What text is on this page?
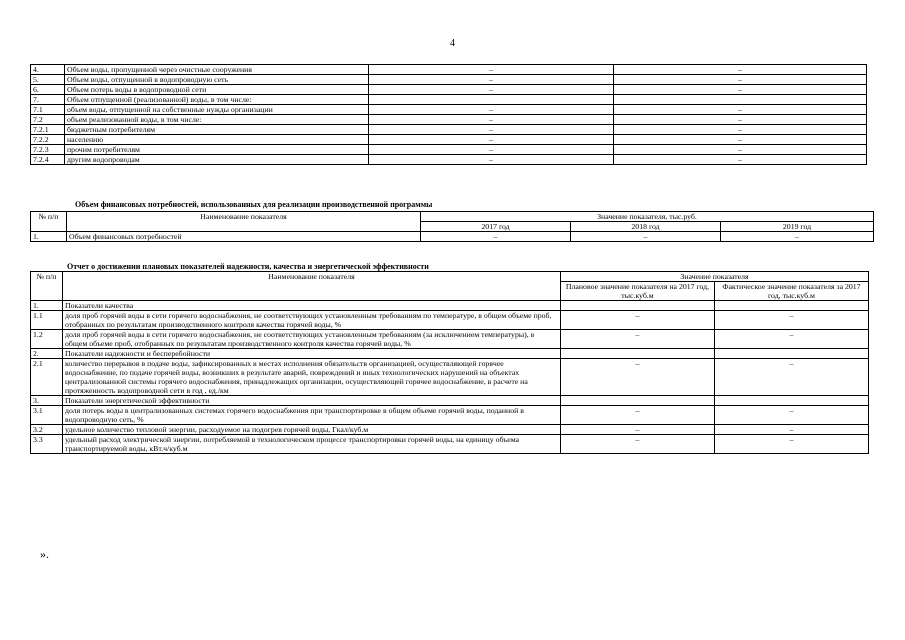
4
4.	Объем воды, пропущенной через очистные сооружения	–	–
5.	Объем воды, отпущенной в водопроводную сеть	–	–
6.	Объем потерь воды в водопроводной сети	–	–
7.	Объем отпущенной (реализованной) воды, в том числе:		
7.1	объем воды, отпущенной на собственные нужды организации	–	–
7.2	объем реализованной воды, в том числе:	–	–
7.2.1	бюджетным потребителям	–	–
7.2.2	населению	–	–
7.2.3	прочим потребителям	–	–
7.2.4	другим водопроводам	–	–
Объем финансовых потребностей, использованных для реализации производственной программы
№ п/п	Наименование показателя	Значение показателя, тыс.руб.		
		2017 год	2018 год	2019 год
1.	Объем финансовых потребностей	–	–	–
Отчет о достижении плановых показателей надежности, качества и энергетической эффективности
№ п/п	Наименование показателя	Значение показателя	
		Плановое значение показателя на 2017 год, тыс.куб.м	Фактическое значение показателя за 2017 год, тыс.куб.м
1.	Показатели качества		
1.1	доля проб горячей воды в сети горячего водоснабжения, не соответствующих установленным требованиям по температуре, в общем объеме проб, отобранных по результатам производственного контроля качества горячей воды, %	–	–
1.2	доля проб горячей воды в сети горячего водоснабжения, не соответствующих установленным требованиям (за исключением температуры), в общем объеме проб, отобранных по результатам производственного контроля качества горячей воды, %	–	–
2.	Показатели надежности и бесперебойности		
2.1	количество перерывов в подаче воды, зафиксированных в местах исполнения обязательств организацией, осуществляющей горячее водоснабжение, по подаче горячей воды, возникших в результате аварий, повреждений и иных технологических нарушений на объектах централизованной системы горячего водоснабжения, принадлежащих организации, осуществляющей горячее водоснабжение, в расчете на протяженность водопроводной сети в год , ед./км	–	–
3.	Показатели энергетической эффективности		
3.1	доля потерь воды в централизованных системах горячего водоснабжения при транспортировке в общем объеме горячей воды, поданной в водопроводную сеть, %	–	–
3.2	удельное количество тепловой энергии, расходуемое на подогрев горячей воды, Гкал/куб.м	–	–
3.3	удельный расход электрической энергии, потребляемой в технологическом процессе транспортировки горячей воды, на единицу объема транспортируемой воды, кВт.ч/куб.м	–	–
».
